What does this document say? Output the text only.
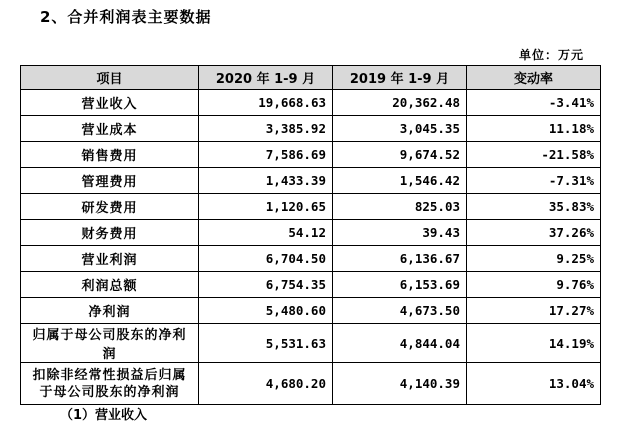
2、合并利润表主要数据
单位：万元
项目	2020 年 1-9 月	2019 年 1-9 月	变动率
营业收入	19,668.63	20,362.48	-3.41%
营业成本	3,385.92	3,045.35	11.18%
销售费用	7,586.69	9,674.52	-21.58%
管理费用	1,433.39	1,546.42	-7.31%
研发费用	1,120.65	825.03	35.83%
财务费用	54.12	39.43	37.26%
营业利润	6,704.50	6,136.67	9.25%
利润总额	6,754.35	6,153.69	9.76%
净利润	5,480.60	4,673.50	17.27%
归属于母公司股东的净利润	5,531.63	4,844.04	14.19%
扣除非经常性损益后归属于母公司股东的净利润	4,680.20	4,140.39	13.04%
（1）营业收入
